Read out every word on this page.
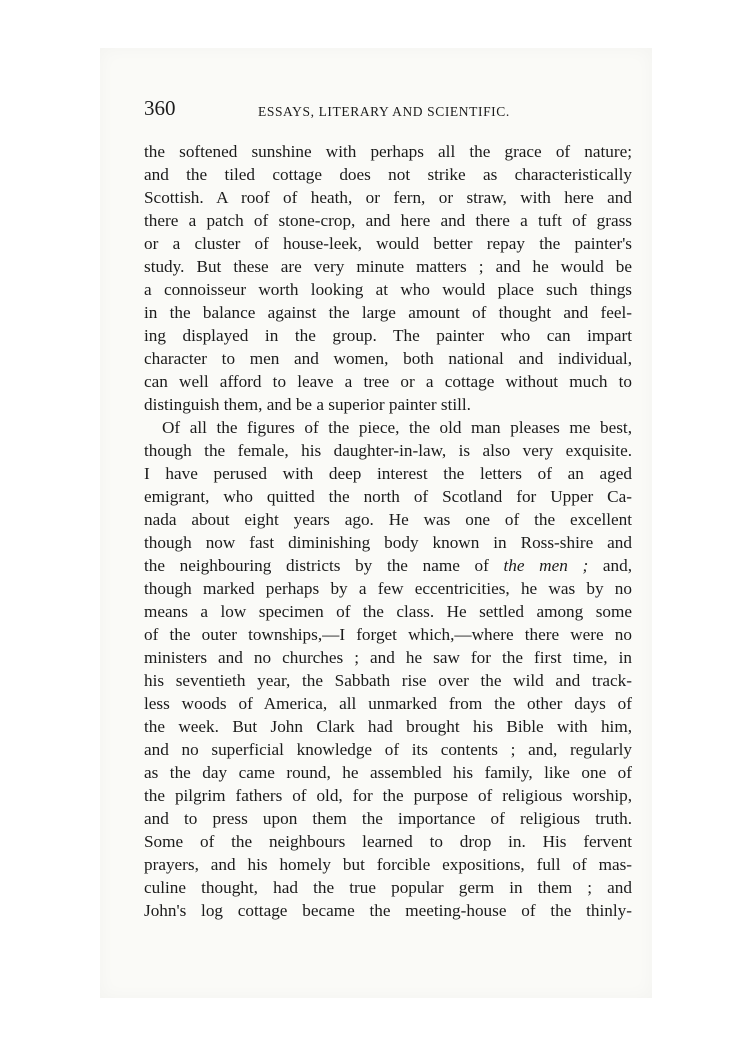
360	ESSAYS, LITERARY AND SCIENTIFIC.
the softened sunshine with perhaps all the grace of nature;
and the tiled cottage does not strike as characteristically
Scottish. A roof of heath, or fern, or straw, with here and
there a patch of stone-crop, and here and there a tuft of grass
or a cluster of house-leek, would better repay the painter's
study. But these are very minute matters ; and he would be
a connoisseur worth looking at who would place such things
in the balance against the large amount of thought and feel-
ing displayed in the group. The painter who can impart
character to men and women, both national and individual,
can well afford to leave a tree or a cottage without much to
distinguish them, and be a superior painter still.
Of all the figures of the piece, the old man pleases me best,
though the female, his daughter-in-law, is also very exquisite.
I have perused with deep interest the letters of an aged
emigrant, who quitted the north of Scotland for Upper Ca-
nada about eight years ago. He was one of the excellent
though now fast diminishing body known in Ross-shire and
the neighbouring districts by the name of the men ; and,
though marked perhaps by a few eccentricities, he was by no
means a low specimen of the class. He settled among some
of the outer townships,—I forget which,—where there were no
ministers and no churches ; and he saw for the first time, in
his seventieth year, the Sabbath rise over the wild and track-
less woods of America, all unmarked from the other days of
the week. But John Clark had brought his Bible with him,
and no superficial knowledge of its contents ; and, regularly
as the day came round, he assembled his family, like one of
the pilgrim fathers of old, for the purpose of religious worship,
and to press upon them the importance of religious truth.
Some of the neighbours learned to drop in. His fervent
prayers, and his homely but forcible expositions, full of mas-
culine thought, had the true popular germ in them ; and
John's log cottage became the meeting-house of the thinly-
